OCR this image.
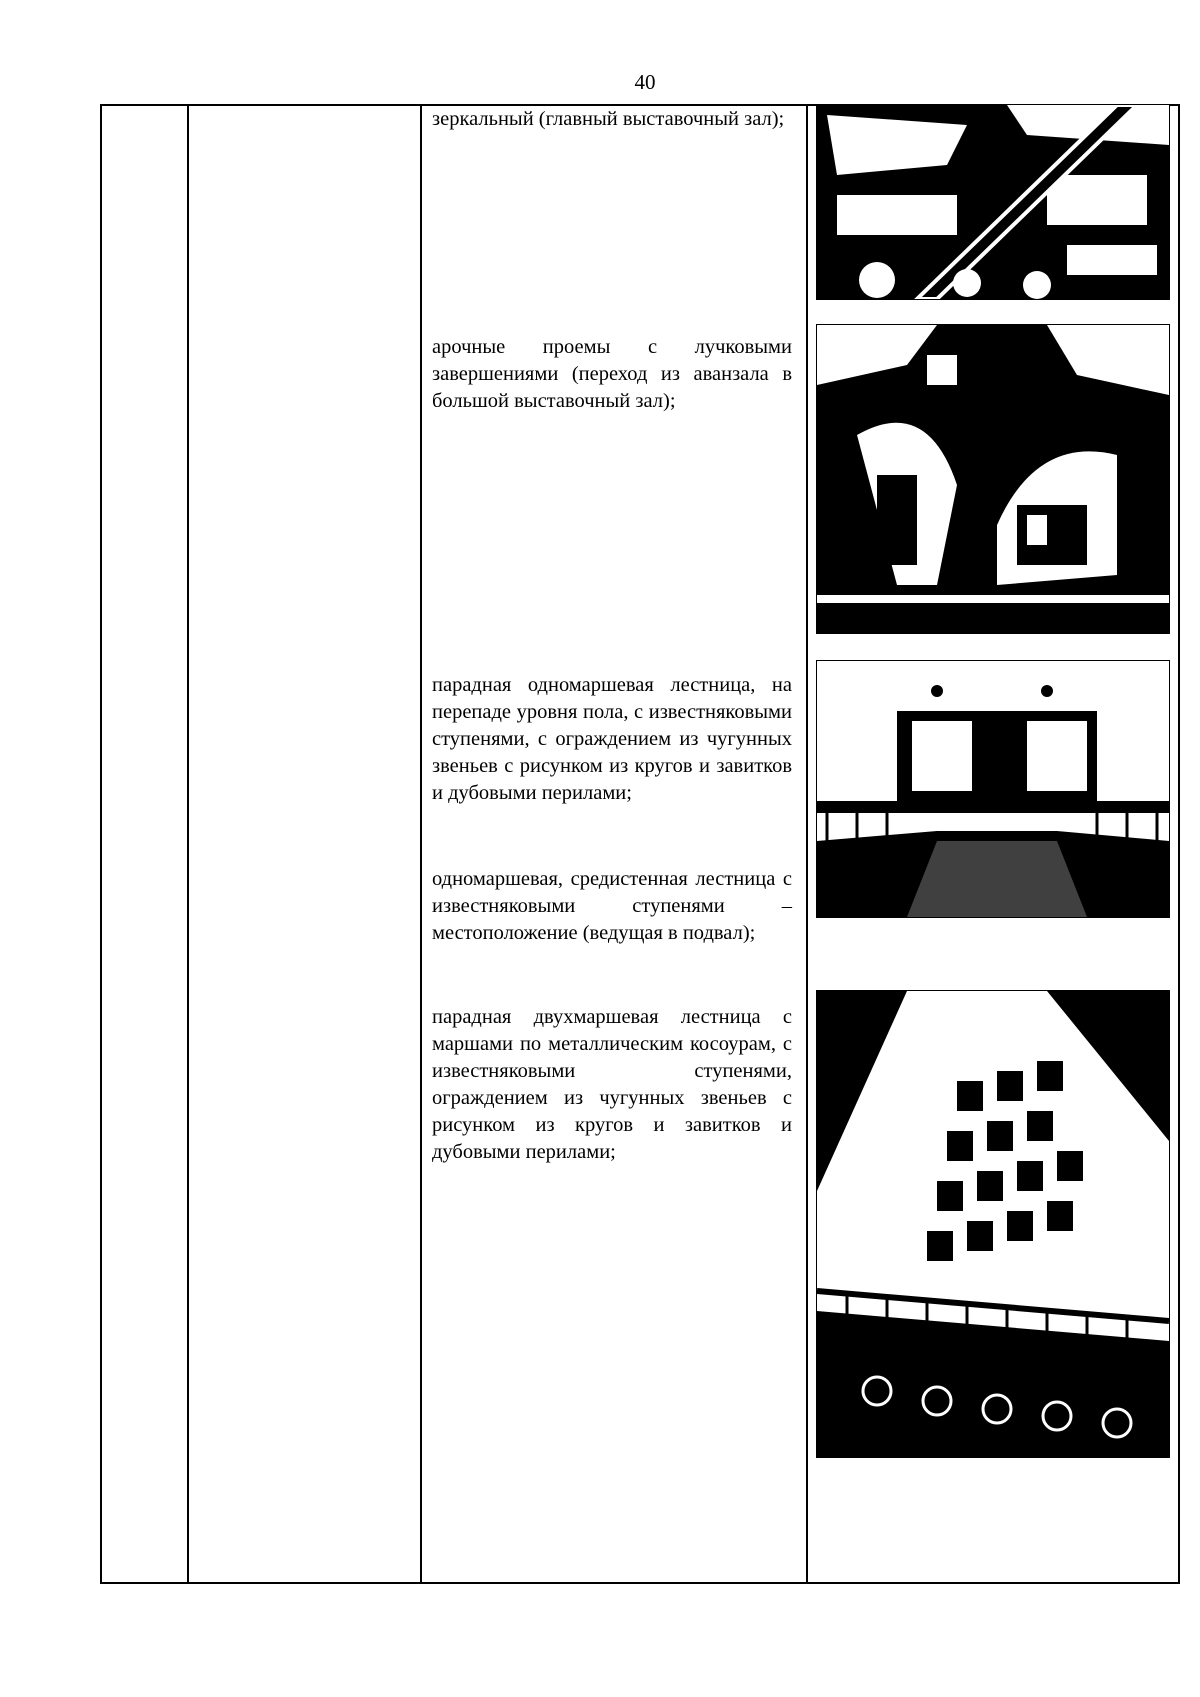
40
зеркальный (главный выставочный зал);
арочные проемы с лучковыми завершениями (переход из аванзала в большой выставочный зал);
парадная одномаршевая лестница, на перепаде уровня пола, с известняковыми ступенями, с ограждением из чугунных звеньев с рисунком из кругов и завитков и дубовыми перилами;
одномаршевая, средистенная лестница с известняковыми ступенями – местоположение (ведущая в подвал);
парадная двухмаршевая лестница с маршами по металлическим косоурам, с известняковыми ступенями, ограждением из чугунных звеньев с рисунком из кругов и завитков и дубовыми перилами;
